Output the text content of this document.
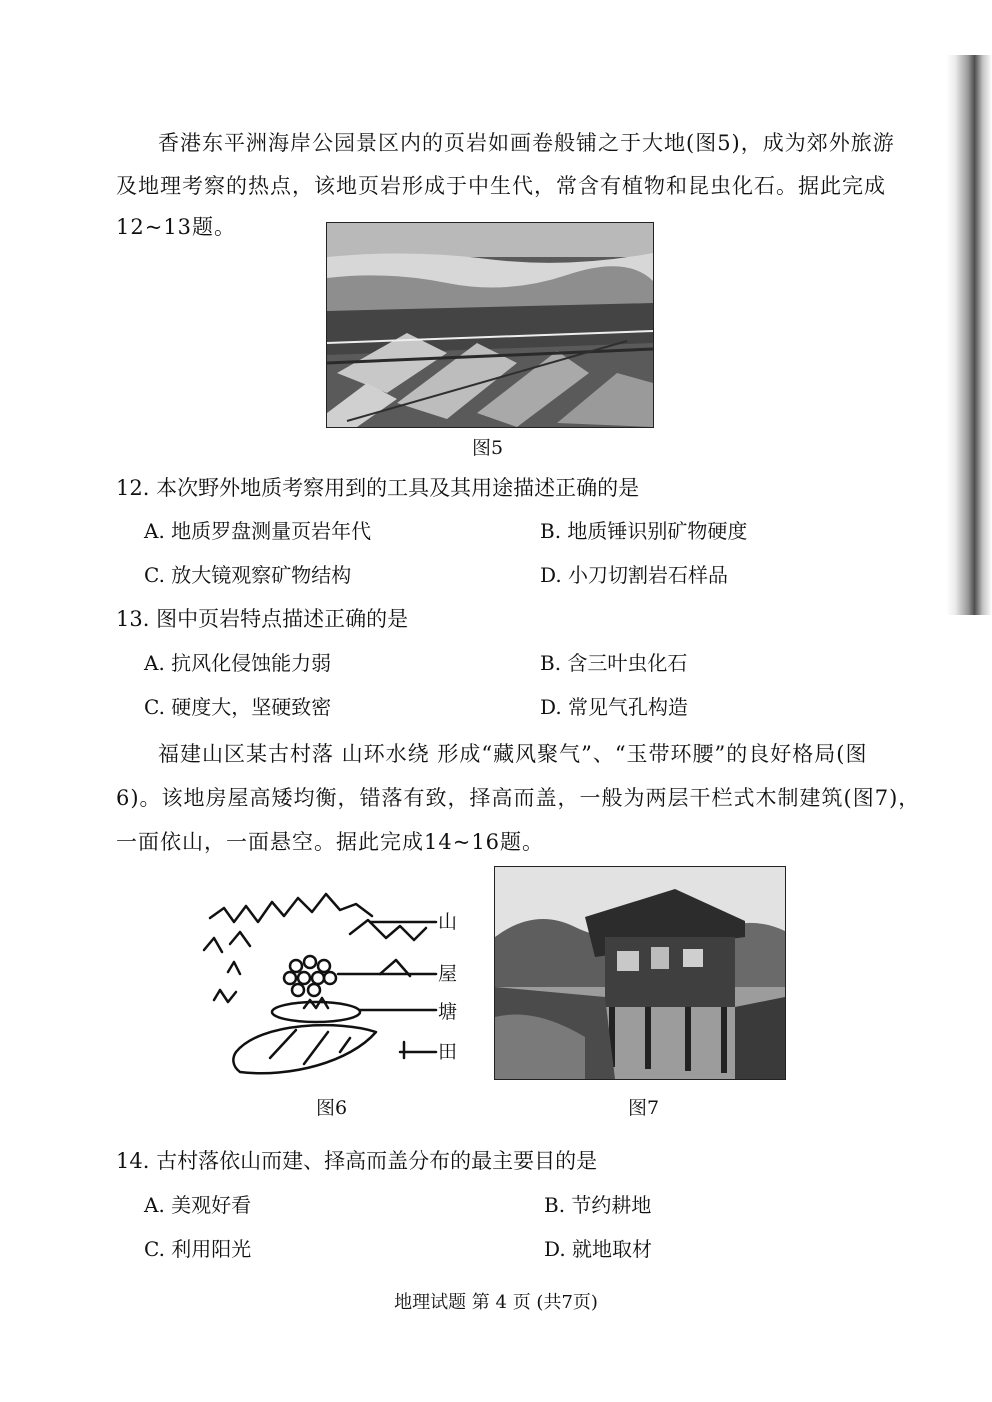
香港东平洲海岸公园景区内的页岩如画卷般铺之于大地(图5)，成为郊外旅游
及地理考察的热点，该地页岩形成于中生代，常含有植物和昆虫化石。据此完成
12~13题。
图5
12. 本次野外地质考察用到的工具及其用途描述正确的是
A. 地质罗盘测量页岩年代	B. 地质锤识别矿物硬度
C. 放大镜观察矿物结构	D. 小刀切割岩石样品
13. 图中页岩特点描述正确的是
A. 抗风化侵蚀能力弱	B. 含三叶虫化石
C. 硬度大，坚硬致密	D. 常见气孔构造
福建山区某古村落 山环水绕 形成“藏风聚气”、“玉带环腰”的良好格局(图
6)。该地房屋高矮均衡，错落有致，择高而盖，一般为两层干栏式木制建筑(图7)，
一面依山，一面悬空。据此完成14~16题。
山
屋
塘
田
图6	图7
14. 古村落依山而建、择高而盖分布的最主要目的是
A. 美观好看	B. 节约耕地
C. 利用阳光	D. 就地取材
地理试题 第 4 页 (共7页)
